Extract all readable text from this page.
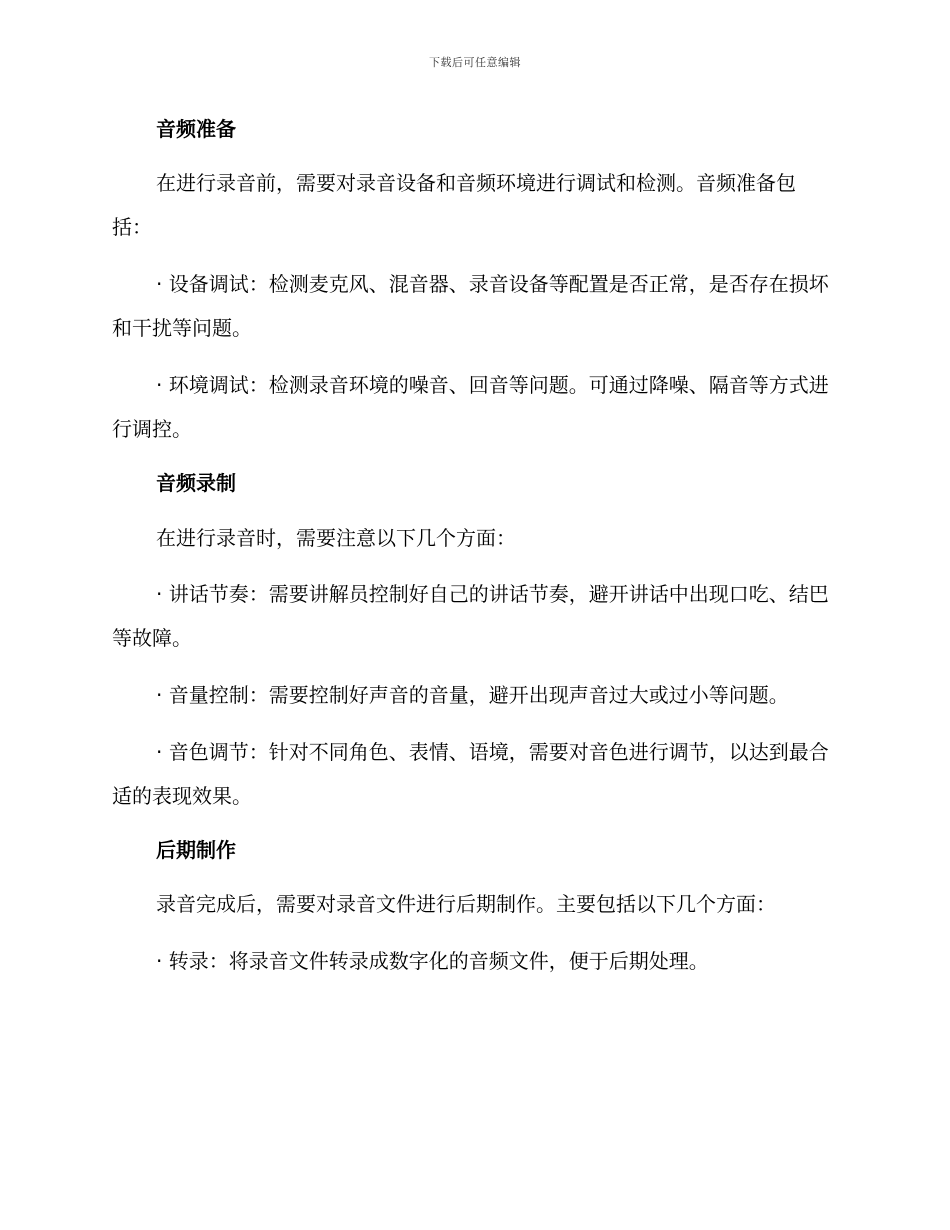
下载后可任意编辑
音频准备

在进行录音前，需要对录音设备和音频环境进行调试和检测。音频准备包括：

· 设备调试：检测麦克风、混音器、录音设备等配置是否正常，是否存在损坏和干扰等问题。

· 环境调试：检测录音环境的噪音、回音等问题。可通过降噪、隔音等方式进行调控。

音频录制

在进行录音时，需要注意以下几个方面：

· 讲话节奏：需要讲解员控制好自己的讲话节奏，避开讲话中出现口吃、结巴等故障。

· 音量控制：需要控制好声音的音量，避开出现声音过大或过小等问题。

· 音色调节：针对不同角色、表情、语境，需要对音色进行调节，以达到最合适的表现效果。

后期制作

录音完成后，需要对录音文件进行后期制作。主要包括以下几个方面：

· 转录：将录音文件转录成数字化的音频文件，便于后期处理。
